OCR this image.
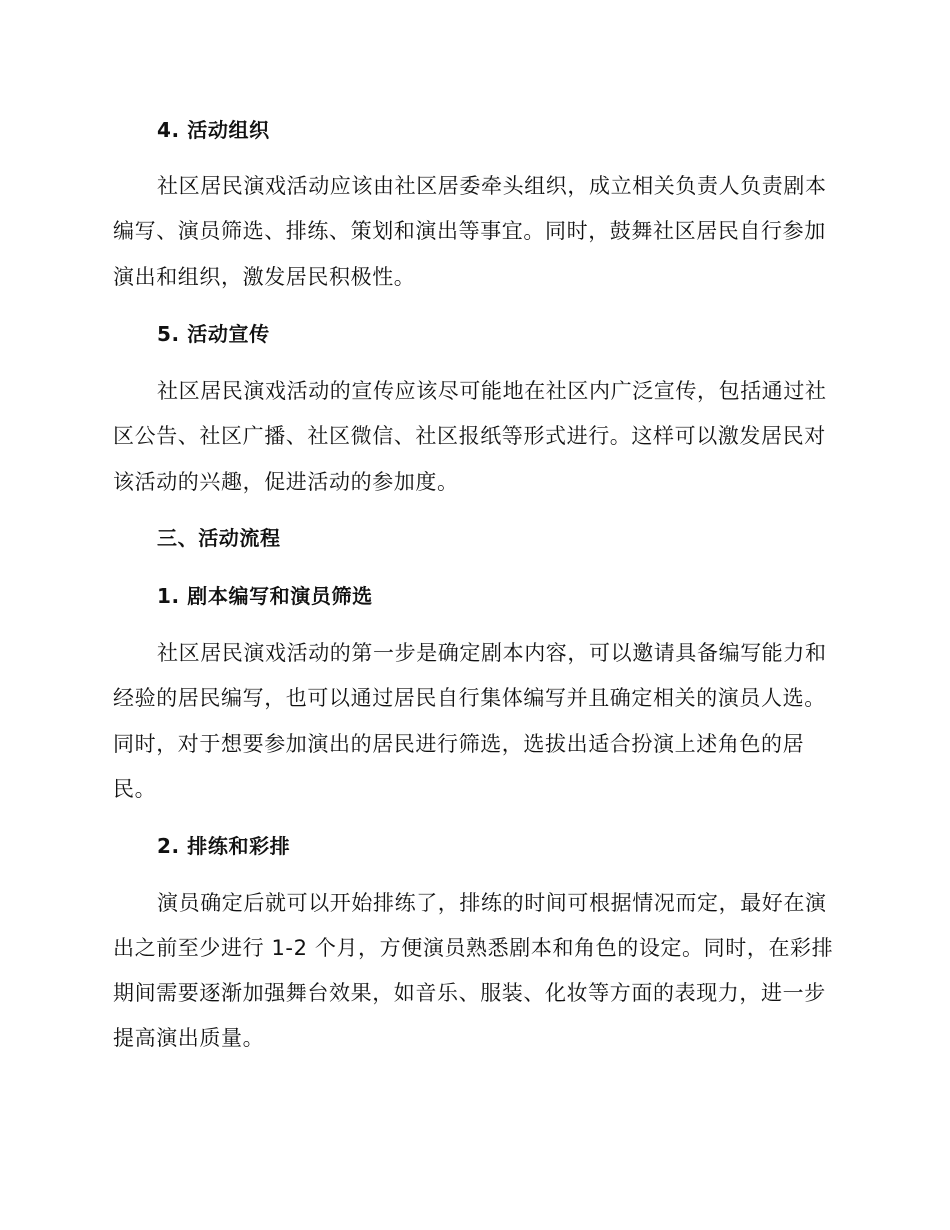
4. 活动组织
社区居民演戏活动应该由社区居委牵头组织，成立相关负责人负责剧本
编写、演员筛选、排练、策划和演出等事宜。同时，鼓舞社区居民自行参加
演出和组织，激发居民积极性。
5. 活动宣传
社区居民演戏活动的宣传应该尽可能地在社区内广泛宣传，包括通过社
区公告、社区广播、社区微信、社区报纸等形式进行。这样可以激发居民对
该活动的兴趣，促进活动的参加度。
三、活动流程
1. 剧本编写和演员筛选
社区居民演戏活动的第一步是确定剧本内容，可以邀请具备编写能力和
经验的居民编写，也可以通过居民自行集体编写并且确定相关的演员人选。
同时，对于想要参加演出的居民进行筛选，选拔出适合扮演上述角色的居
民。
2. 排练和彩排
演员确定后就可以开始排练了，排练的时间可根据情况而定，最好在演
出之前至少进行 1-2 个月，方便演员熟悉剧本和角色的设定。同时，在彩排
期间需要逐渐加强舞台效果，如音乐、服装、化妆等方面的表现力，进一步
提高演出质量。
